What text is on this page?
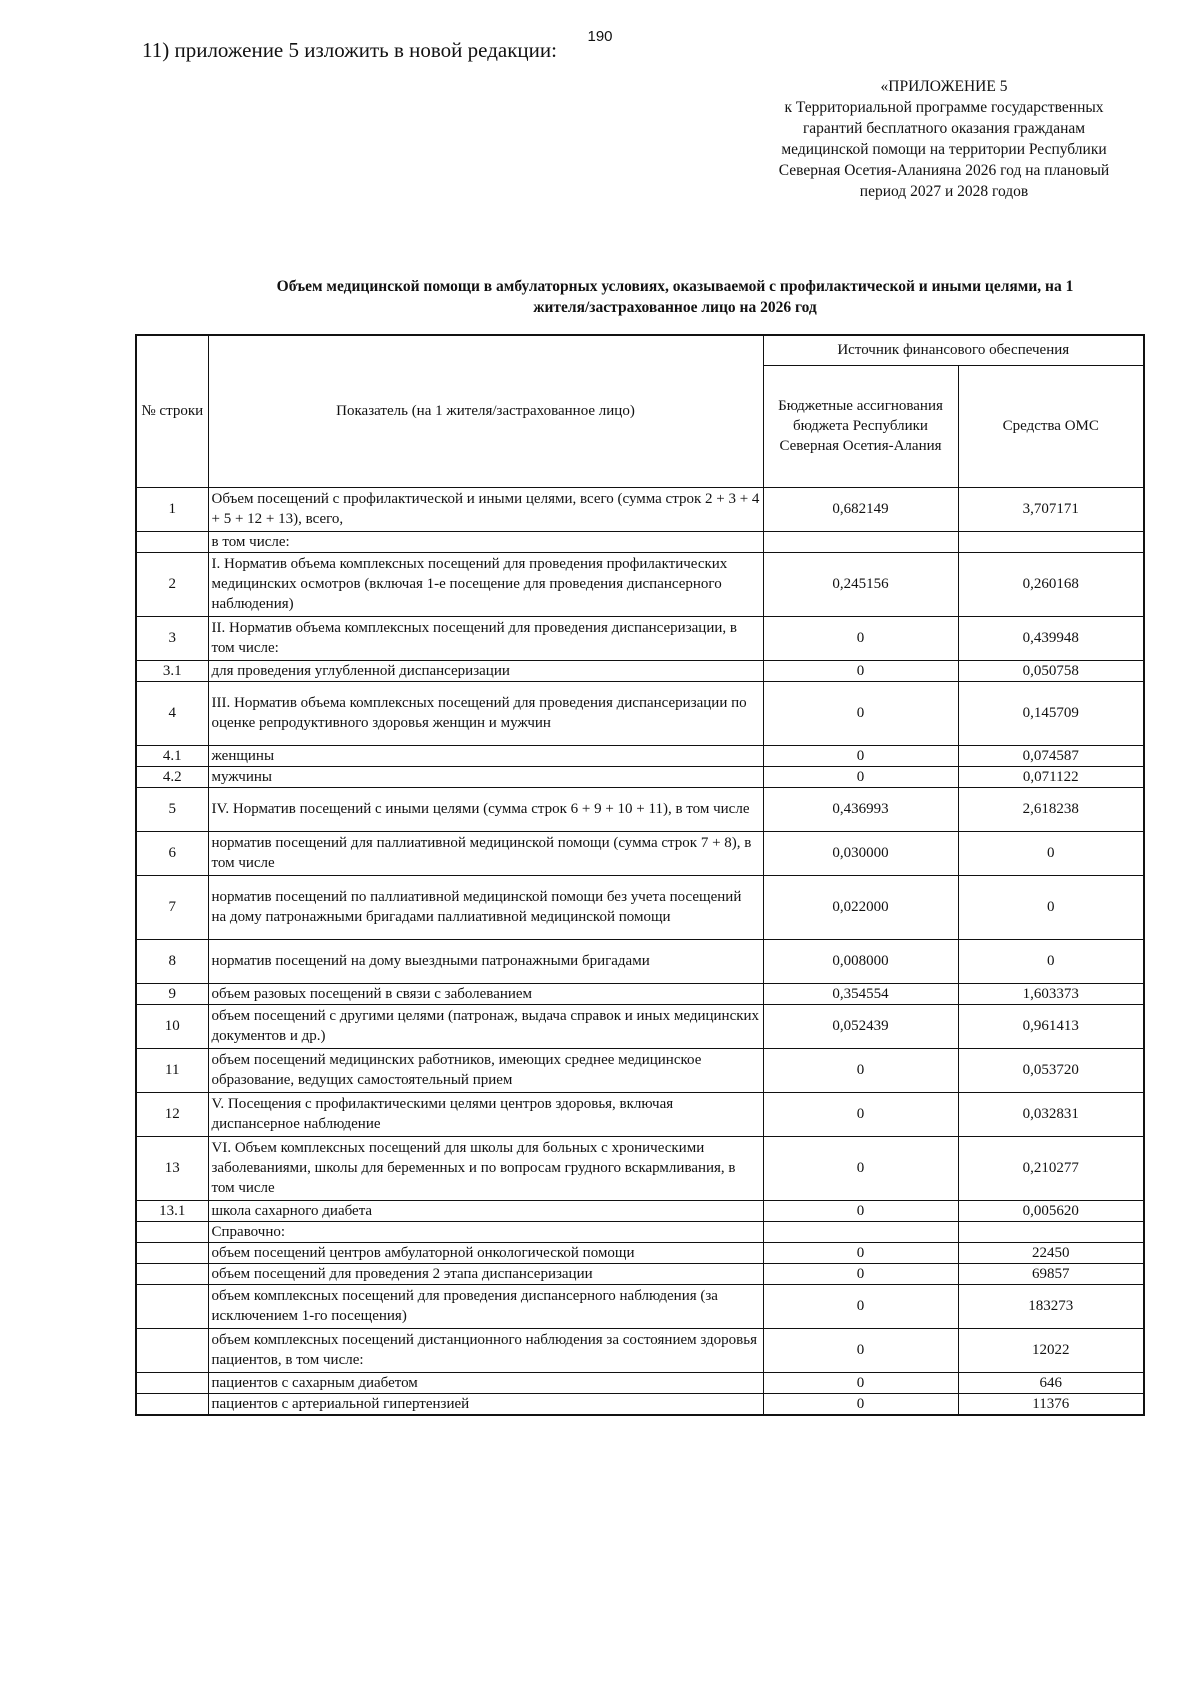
190
11) приложение 5 изложить в новой редакции:
«ПРИЛОЖЕНИЕ 5
к Территориальной программе государственных
гарантий бесплатного оказания гражданам
медицинской помощи на территории Республики
Северная Осетия-Аланияна 2026 год на плановый
период 2027 и 2028 годов
Объем медицинской помощи в амбулаторных условиях, оказываемой с профилактической и иными целями, на 1
жителя/застрахованное лицо на 2026 год
№ строки	Показатель (на 1 жителя/застрахованное лицо)	Источник финансового обеспечения	
		Бюджетные ассигнования бюджета Республики Северная Осетия-Алания	Средства ОМС
1	Объем посещений с профилактической и иными целями, всего (сумма строк 2 + 3 + 4 + 5 + 12 + 13), всего,	0,682149	3,707171
	в том числе:		
2	I. Норматив объема комплексных посещений для проведения профилактических медицинских осмотров (включая 1-е посещение для проведения диспансерного наблюдения)	0,245156	0,260168
3	II. Норматив объема комплексных посещений для проведения диспансеризации, в том числе:	0	0,439948
3.1	для проведения углубленной диспансеризации	0	0,050758
4	III. Норматив объема комплексных посещений для проведения диспансеризации по оценке репродуктивного здоровья женщин и мужчин	0	0,145709
4.1	женщины	0	0,074587
4.2	мужчины	0	0,071122
5	IV. Норматив посещений с иными целями (сумма строк 6 + 9 + 10 + 11), в том числе	0,436993	2,618238
6	норматив посещений для паллиативной медицинской помощи (сумма строк 7 + 8), в том числе	0,030000	0
7	норматив посещений по паллиативной медицинской помощи без учета посещений на дому патронажными бригадами паллиативной медицинской помощи	0,022000	0
8	норматив посещений на дому выездными патронажными бригадами	0,008000	0
9	объем разовых посещений в связи с заболеванием	0,354554	1,603373
10	объем посещений с другими целями (патронаж, выдача справок и иных медицинских документов и др.)	0,052439	0,961413
11	объем посещений медицинских работников, имеющих среднее медицинское образование, ведущих самостоятельный прием	0	0,053720
12	V. Посещения с профилактическими целями центров здоровья, включая диспансерное наблюдение	0	0,032831
13	VI. Объем комплексных посещений для школы для больных с хроническими заболеваниями, школы для беременных и по вопросам грудного вскармливания, в том числе	0	0,210277
13.1	школа сахарного диабета	0	0,005620
	Справочно:		
	объем посещений центров амбулаторной онкологической помощи	0	22450
	объем посещений для проведения 2 этапа диспансеризации	0	69857
	объем комплексных посещений для проведения диспансерного наблюдения (за исключением 1-го посещения)	0	183273
	объем комплексных посещений дистанционного наблюдения за состоянием здоровья пациентов, в том числе:	0	12022
	пациентов с сахарным диабетом	0	646
	пациентов с артериальной гипертензией	0	11376
